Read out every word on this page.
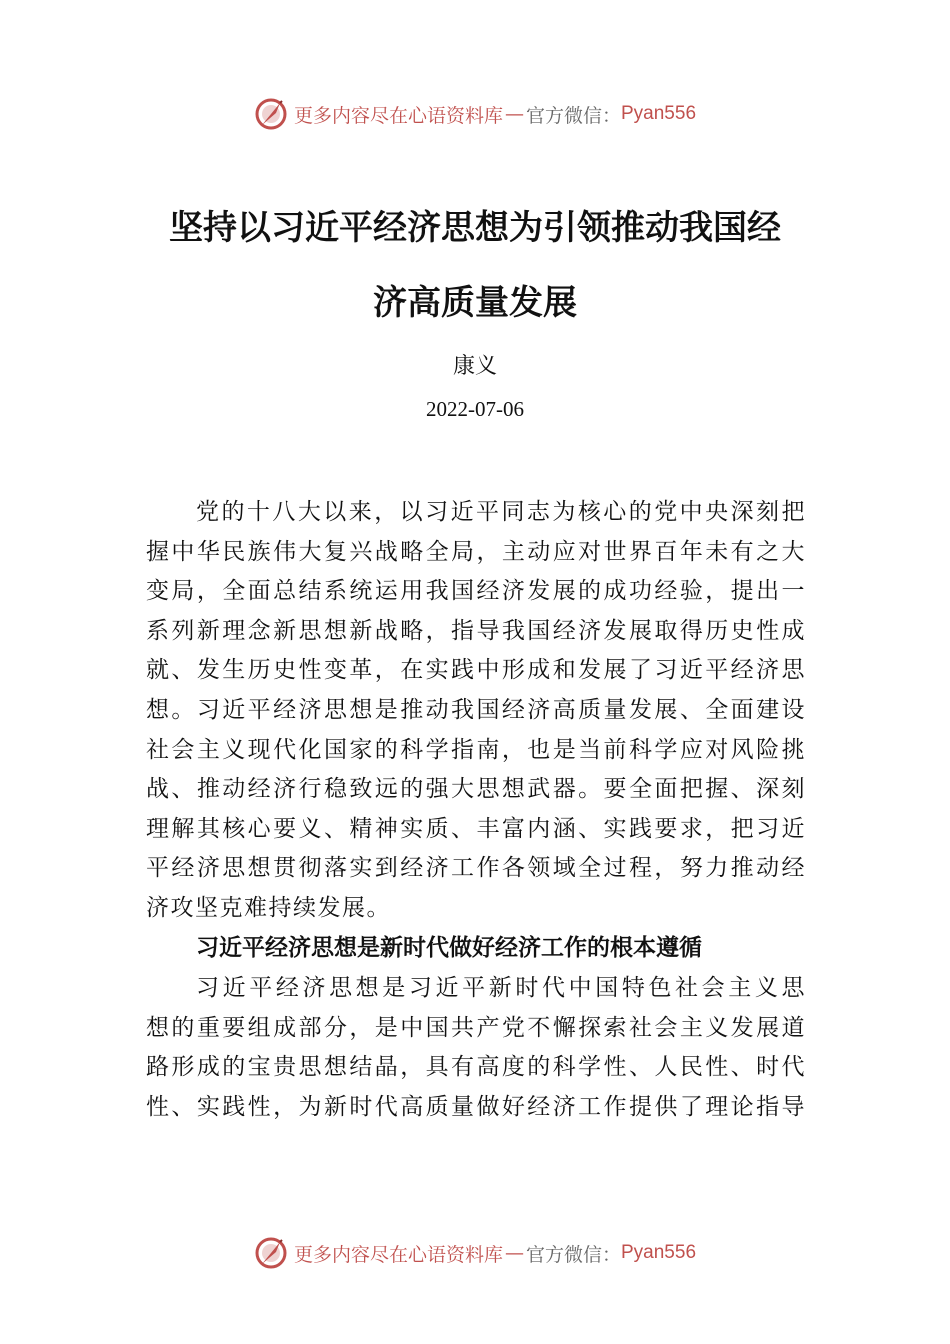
更多内容尽在心语资料库 — 官方微信： Pyan556
坚持以习近平经济思想为引领推动我国经
济高质量发展
康义
2022-07-06
党的十八大以来，以习近平同志为核心的党中央深刻把
握中华民族伟大复兴战略全局，主动应对世界百年未有之大
变局，全面总结系统运用我国经济发展的成功经验，提出一
系列新理念新思想新战略，指导我国经济发展取得历史性成
就、发生历史性变革，在实践中形成和发展了习近平经济思
想。习近平经济思想是推动我国经济高质量发展、全面建设
社会主义现代化国家的科学指南，也是当前科学应对风险挑
战、推动经济行稳致远的强大思想武器。要全面把握、深刻
理解其核心要义、精神实质、丰富内涵、实践要求，把习近
平经济思想贯彻落实到经济工作各领域全过程，努力推动经
济攻坚克难持续发展。
习近平经济思想是新时代做好经济工作的根本遵循
习近平经济思想是习近平新时代中国特色社会主义思
想的重要组成部分，是中国共产党不懈探索社会主义发展道
路形成的宝贵思想结晶，具有高度的科学性、人民性、时代
性、实践性，为新时代高质量做好经济工作提供了理论指导
更多内容尽在心语资料库 — 官方微信： Pyan556
